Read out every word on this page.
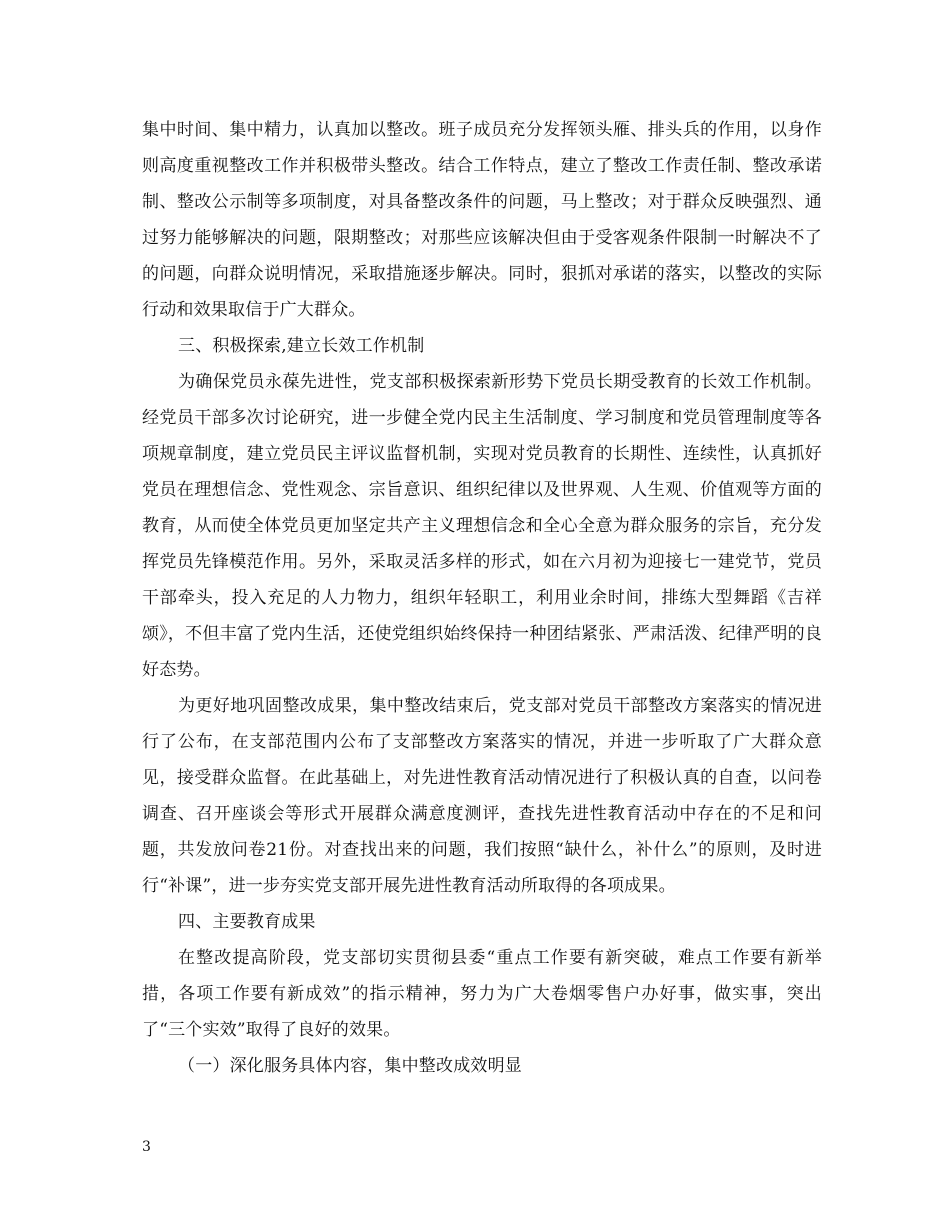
集中时间、集中精力，认真加以整改。班子成员充分发挥领头雁、排头兵的作用，以身作则高度重视整改工作并积极带头整改。结合工作特点，建立了整改工作责任制、整改承诺制、整改公示制等多项制度，对具备整改条件的问题，马上整改；对于群众反映强烈、通过努力能够解决的问题，限期整改；对那些应该解决但由于受客观条件限制一时解决不了的问题，向群众说明情况，采取措施逐步解决。同时，狠抓对承诺的落实，以整改的实际行动和效果取信于广大群众。

三、积极探索,建立长效工作机制

为确保党员永葆先进性，党支部积极探索新形势下党员长期受教育的长效工作机制。经党员干部多次讨论研究，进一步健全党内民主生活制度、学习制度和党员管理制度等各项规章制度，建立党员民主评议监督机制，实现对党员教育的长期性、连续性，认真抓好党员在理想信念、党性观念、宗旨意识、组织纪律以及世界观、人生观、价值观等方面的教育，从而使全体党员更加坚定共产主义理想信念和全心全意为群众服务的宗旨，充分发挥党员先锋模范作用。另外，采取灵活多样的形式，如在六月初为迎接七一建党节，党员干部牵头，投入充足的人力物力，组织年轻职工，利用业余时间，排练大型舞蹈《吉祥颂》，不但丰富了党内生活，还使党组织始终保持一种团结紧张、严肃活泼、纪律严明的良好态势。

为更好地巩固整改成果，集中整改结束后，党支部对党员干部整改方案落实的情况进行了公布，在支部范围内公布了支部整改方案落实的情况，并进一步听取了广大群众意见，接受群众监督。在此基础上，对先进性教育活动情况进行了积极认真的自查，以问卷调查、召开座谈会等形式开展群众满意度测评，查找先进性教育活动中存在的不足和问题，共发放问卷21份。对查找出来的问题，我们按照“缺什么，补什么”的原则，及时进行“补课”，进一步夯实党支部开展先进性教育活动所取得的各项成果。

四、主要教育成果

在整改提高阶段，党支部切实贯彻县委“重点工作要有新突破，难点工作要有新举措，各项工作要有新成效”的指示精神，努力为广大卷烟零售户办好事，做实事，突出了“三个实效”取得了良好的效果。

（一）深化服务具体内容，集中整改成效明显

3
